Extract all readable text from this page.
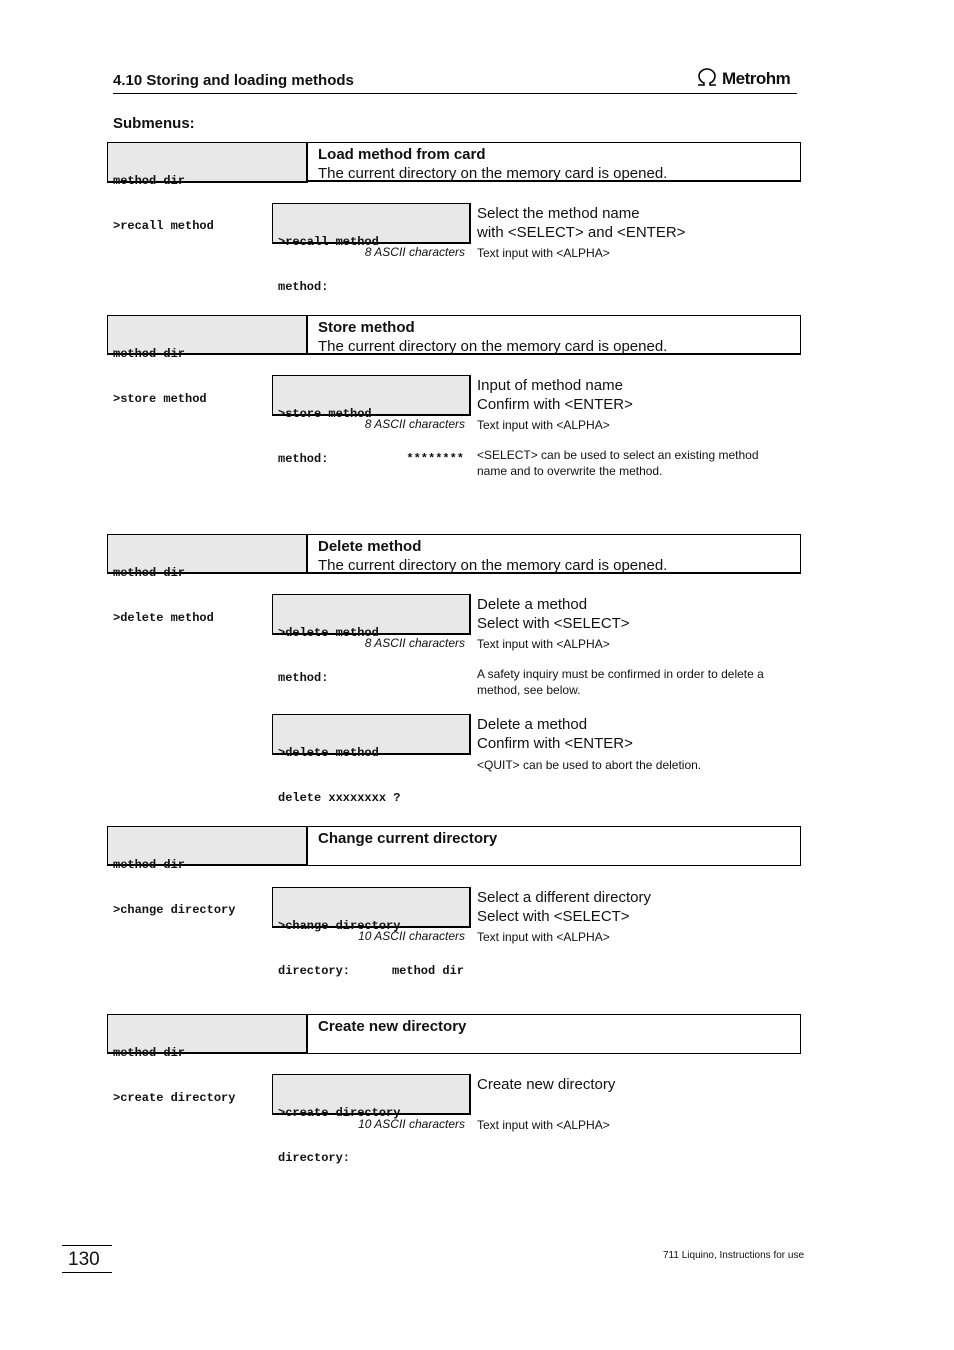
4.10 Storing and loading methods	Metrohm
Submenus:

method dir

>recall method

Load method from card
The current directory on the memory card is opened.

>recall method

method:

Select the method name
with <SELECT> and <ENTER>
8 ASCII characters Text input with <ALPHA>

method dir

>store method

Store method
The current directory on the memory card is opened.

>store method

method:	********

Input of method name
Confirm with <ENTER>
8 ASCII characters Text input with <ALPHA>
<SELECT> can be used to select an existing method
name and to overwrite the method.

method dir

>delete method

Delete method
The current directory on the memory card is opened.

>delete method

method:

Delete a method
Select with <SELECT>
8 ASCII characters Text input with <ALPHA>
A safety inquiry must be confirmed in order to delete a
method, see below.

>delete method

delete xxxxxxxx ?

Delete a method
Confirm with <ENTER>
<QUIT> can be used to abort the deletion.

method dir

>change directory

Change current directory

>change directory

directory:	method dir

Select a different directory
Select with <SELECT>
10 ASCII characters Text input with <ALPHA>

method dir

>create directory

Create new directory

>create directory

directory:

Create new directory
10 ASCII characters Text input with <ALPHA>
130	711 Liquino, Instructions for use
